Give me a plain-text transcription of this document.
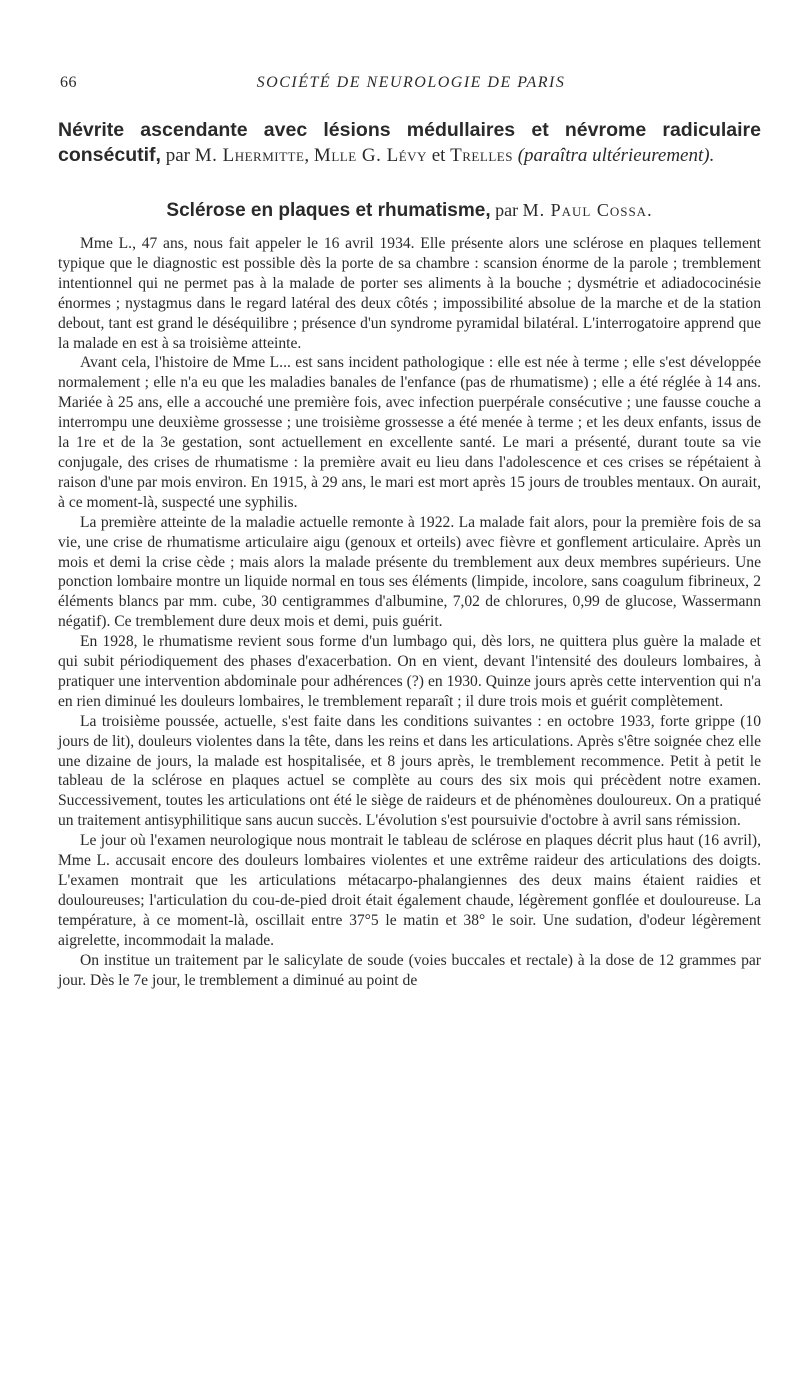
66	SOCIÉTÉ DE NEUROLOGIE DE PARIS

Névrite ascendante avec lésions médullaires et névrome radiculaire consécutif, par M. Lhermitte, Mlle G. Lévy et Trelles (paraîtra ultérieurement).

Sclérose en plaques et rhumatisme, par M. Paul Cossa.

Mme L., 47 ans, nous fait appeler le 16 avril 1934. Elle présente alors une sclérose en plaques tellement typique que le diagnostic est possible dès la porte de sa chambre : scansion énorme de la parole ; tremblement intentionnel qui ne permet pas à la malade de porter ses aliments à la bouche ; dysmétrie et adiadococinésie énormes ; nystagmus dans le regard latéral des deux côtés ; impossibilité absolue de la marche et de la station debout, tant est grand le déséquilibre ; présence d'un syndrome pyramidal bilatéral. L'interrogatoire apprend que la malade en est à sa troisième atteinte.

Avant cela, l'histoire de Mme L... est sans incident pathologique : elle est née à terme ; elle s'est développée normalement ; elle n'a eu que les maladies banales de l'enfance (pas de rhumatisme) ; elle a été réglée à 14 ans. Mariée à 25 ans, elle a accouché une première fois, avec infection puerpérale consécutive ; une fausse couche a interrompu une deuxième grossesse ; une troisième grossesse a été menée à terme ; et les deux enfants, issus de la 1re et de la 3e gestation, sont actuellement en excellente santé. Le mari a présenté, durant toute sa vie conjugale, des crises de rhumatisme : la première avait eu lieu dans l'adolescence et ces crises se répétaient à raison d'une par mois environ. En 1915, à 29 ans, le mari est mort après 15 jours de troubles mentaux. On aurait, à ce moment-là, suspecté une syphilis.

La première atteinte de la maladie actuelle remonte à 1922. La malade fait alors, pour la première fois de sa vie, une crise de rhumatisme articulaire aigu (genoux et orteils) avec fièvre et gonflement articulaire. Après un mois et demi la crise cède ; mais alors la malade présente du tremblement aux deux membres supérieurs. Une ponction lombaire montre un liquide normal en tous ses éléments (limpide, incolore, sans coagulum fibrineux, 2 éléments blancs par mm. cube, 30 centigrammes d'albumine, 7,02 de chlorures, 0,99 de glucose, Wassermann négatif). Ce tremblement dure deux mois et demi, puis guérit.

En 1928, le rhumatisme revient sous forme d'un lumbago qui, dès lors, ne quittera plus guère la malade et qui subit périodiquement des phases d'exacerbation. On en vient, devant l'intensité des douleurs lombaires, à pratiquer une intervention abdominale pour adhérences (?) en 1930. Quinze jours après cette intervention qui n'a en rien diminué les douleurs lombaires, le tremblement reparaît ; il dure trois mois et guérit complètement.

La troisième poussée, actuelle, s'est faite dans les conditions suivantes : en octobre 1933, forte grippe (10 jours de lit), douleurs violentes dans la tête, dans les reins et dans les articulations. Après s'être soignée chez elle une dizaine de jours, la malade est hospitalisée, et 8 jours après, le tremblement recommence. Petit à petit le tableau de la sclérose en plaques actuel se complète au cours des six mois qui précèdent notre examen. Successivement, toutes les articulations ont été le siège de raideurs et de phénomènes douloureux. On a pratiqué un traitement antisyphilitique sans aucun succès. L'évolution s'est poursuivie d'octobre à avril sans rémission.

Le jour où l'examen neurologique nous montrait le tableau de sclérose en plaques décrit plus haut (16 avril), Mme L. accusait encore des douleurs lombaires violentes et une extrême raideur des articulations des doigts. L'examen montrait que les articulations métacarpo-phalangiennes des deux mains étaient raidies et douloureuses; l'articulation du cou-de-pied droit était également chaude, légèrement gonflée et douloureuse. La température, à ce moment-là, oscillait entre 37°5 le matin et 38° le soir. Une sudation, d'odeur légèrement aigrelette, incommodait la malade.

On institue un traitement par le salicylate de soude (voies buccales et rectale) à la dose de 12 grammes par jour. Dès le 7e jour, le tremblement a diminué au point de
